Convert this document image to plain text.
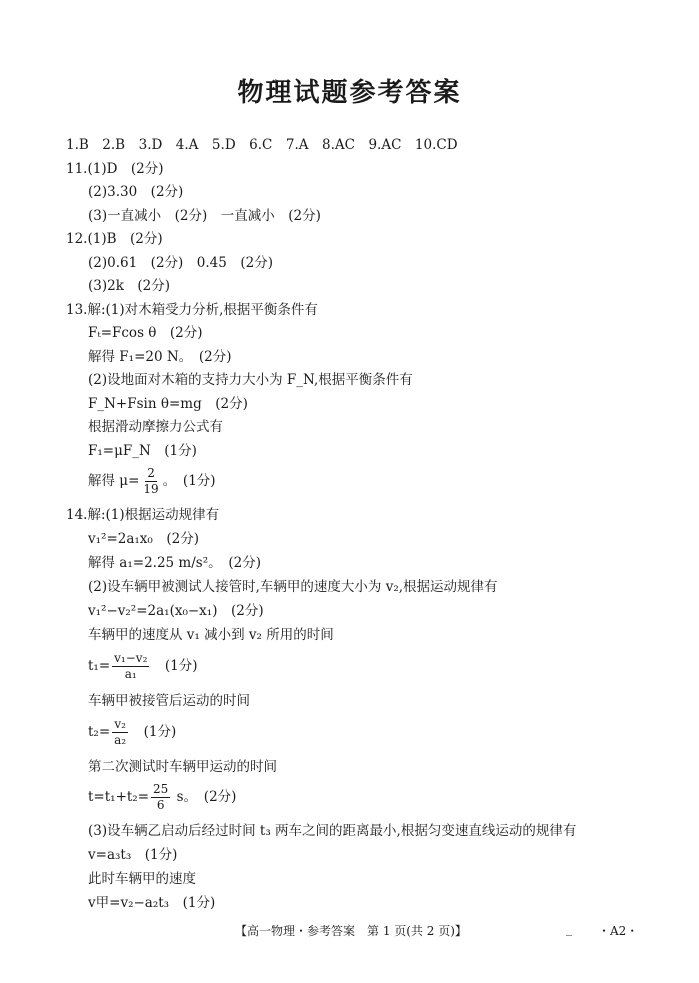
物理试题参考答案
1.B　2.B　3.D　4.A　5.D　6.C　7.A　8.AC　9.AC　10.CD
11.(1)D　(2分)
(2)3.30　(2分)
(3)一直减小　(2分)　一直减小　(2分)
12.(1)B　(2分)
(2)0.61　(2分)　0.45　(2分)
(3)2k　(2分)
13.解:(1)对木箱受力分析,根据平衡条件有
Fₜ=Fcos θ　(2分)
解得 F₁=20 N。　(2分)
(2)设地面对木箱的支持力大小为 F_N,根据平衡条件有
F_N+Fsin θ=mg　(2分)
根据滑动摩擦力公式有
F₁=μF_N　(1分)
解得 $\mu= \frac{2}{19}$ 。　(1分)
14.解:(1)根据运动规律有
v₁²=2a₁x₀　(2分)
解得 a₁=2.25 m/s²。　(2分)
(2)设车辆甲被测试人接管时,车辆甲的速度大小为 v₂,根据运动规律有
v₁²−v₂²=2a₁(x₀−x₁)　(2分)
车辆甲的速度从 v₁ 减小到 v₂ 所用的时间
$t_1= \frac{\text{v₁−v₂}}{\text{a₁}}$ 　(1分)
车辆甲被接管后运动的时间
$t_2= \frac{\text{v₂}}{\text{a₂}}$ 　(1分)
第二次测试时车辆甲运动的时间
$t=t_1+t_2= \frac{25}{6}$ s。　(2分)
(3)设车辆乙启动后经过时间 t₃ 两车之间的距离最小,根据匀变速直线运动的规律有
v=a₃t₃　(1分)
此时车辆甲的速度
v甲=v₂−a₂t₃　(1分)
【高一物理・参考答案　第 1 页(共 2 页)】	_ ・A2・
